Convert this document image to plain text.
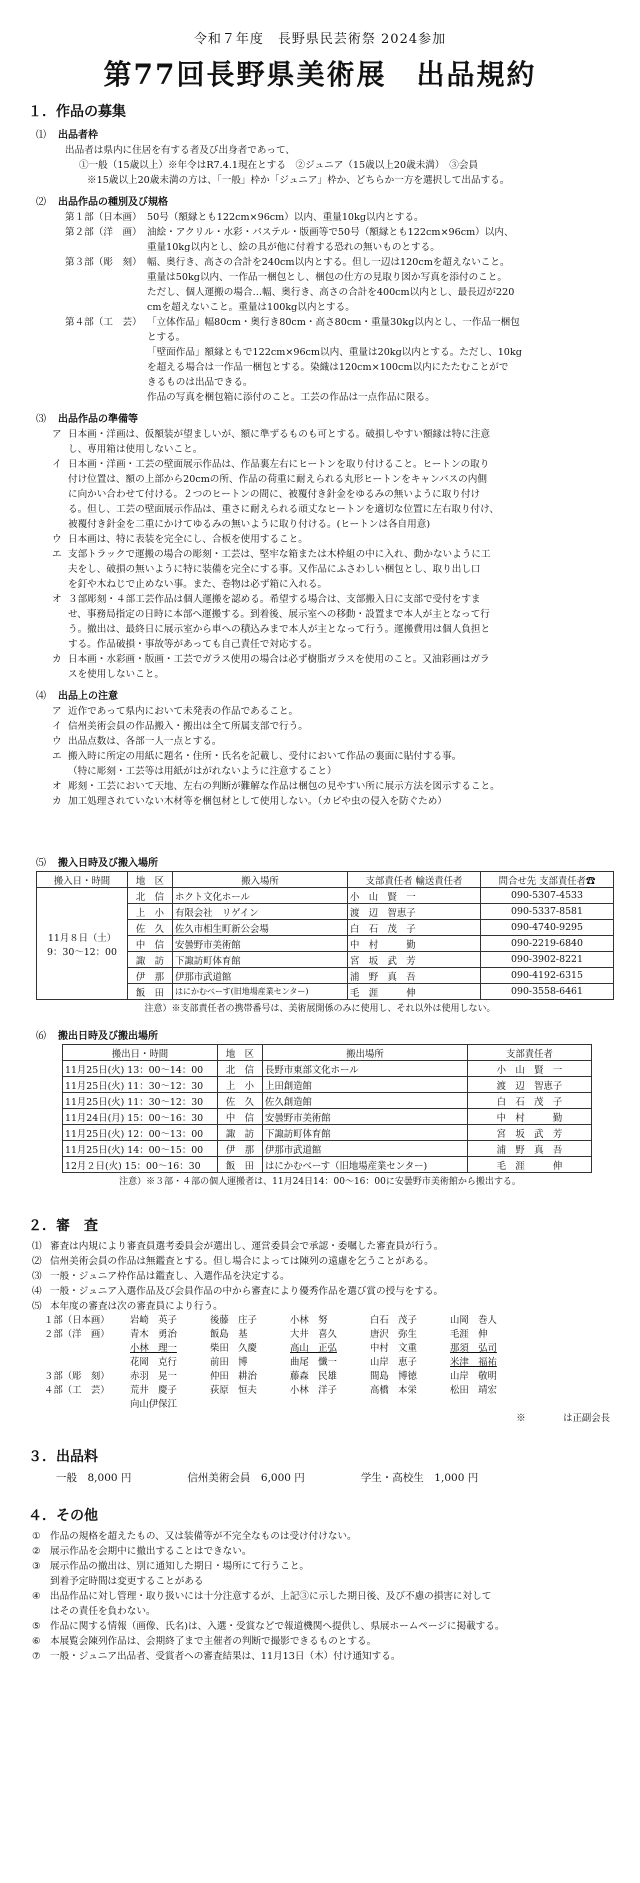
令和７年度　長野県民芸術祭 2024参加
第77回長野県美術展　出品規約
１．作品の募集
⑴ 出品者枠
出品者は県内に住居を有する者及び出身者であって、
①一般（15歳以上）※年令はR7.4.1現在とする　②ジュニア（15歳以上20歳未満）　③会員
※15歳以上20歳未満の方は、「一般」枠か「ジュニア」枠か、どちらか一方を選択して出品する。
⑵ 出品作品の種別及び規格
第１部（日本画） 50号（額縁とも122cm×96cm）以内、重量10kg以内とする。
第２部（洋　画） 油絵・アクリル・水彩・パステル・版画等で50号（額縁とも122cm×96cm）以内、
重量10kg以内とし、絵の具が他に付着する恐れの無いものとする。
第３部（彫　刻） 幅、奥行き、高さの合計を240cm以内とする。但し一辺は120cmを超えないこと。
重量は50kg以内、一作品一梱包とし、梱包の仕方の見取り図か写真を添付のこと。
ただし、個人運搬の場合…幅、奥行き、高さの合計を400cm以内とし、最長辺が220
cmを超えないこと。重量は100kg以内とする。
第４部（工　芸） 「立体作品」幅80cm・奥行き80cm・高さ80cm・重量30kg以内とし、一作品一梱包
とする。
「壁面作品」額縁ともで122cm×96cm以内、重量は20kg以内とする。ただし、10kg
を超える場合は一作品一梱包とする。染織は120cm×100cm以内にたたむことがで
きるものは出品できる。
作品の写真を梱包箱に添付のこと。工芸の作品は一点作品に限る。
⑶ 出品作品の準備等
ア 日本画・洋画は、仮額装が望ましいが、額に準ずるものも可とする。破損しやすい額縁は特に注意
し、専用箱は使用しないこと。
イ 日本画・洋画・工芸の壁面展示作品は、作品裏左右にヒートンを取り付けること。ヒートンの取り
付け位置は、額の上部から20cmの所、作品の荷重に耐えられる丸形ヒートンをキャンバスの内側
に向かい合わせて付ける。２つのヒートンの間に、被覆付き針金をゆるみの無いように取り付け
る。但し、工芸の壁面展示作品は、重さに耐えられる頑丈なヒートンを適切な位置に左右取り付け、
被覆付き針金を二重にかけてゆるみの無いように取り付ける。(ヒートンは各自用意)
ウ 日本画は、特に表装を完全にし、合板を使用すること。
エ 支部トラックで運搬の場合の彫刻・工芸は、堅牢な箱または木枠組の中に入れ、動かないように工
夫をし、破損の無いように特に装備を完全にする事。又作品にふさわしい梱包とし、取り出し口
を釘や木ねじで止めない事。また、巻物は必ず箱に入れる。
オ ３部彫刻・４部工芸作品は個人運搬を認める。希望する場合は、支部搬入日に支部で受付をすま
せ、事務局指定の日時に本部へ運搬する。到着後、展示室への移動・設置まで本人が主となって行
う。撤出は、最終日に展示室から車への積込みまで本人が主となって行う。運搬費用は個人負担と
する。作品破損・事故等があっても自己責任で対応する。
カ 日本画・水彩画・版画・工芸でガラス使用の場合は必ず樹脂ガラスを使用のこと。又油彩画はガラ
スを使用しないこと。
⑷ 出品上の注意
ア 近作であって県内において未発表の作品であること。
イ 信州美術会員の作品搬入・搬出は全て所属支部で行う。
ウ 出品点数は、各部一人一点とする。
エ 搬入時に所定の用紙に題名・住所・氏名を記載し、受付において作品の裏面に貼付する事。
（特に彫刻・工芸等は用紙がはがれないように注意すること）
オ 彫刻・工芸において天地、左右の判断が難解な作品は梱包の見やすい所に展示方法を図示すること。
カ 加工処理されていない木材等を梱包材として使用しない。（カビや虫の侵入を防ぐため）
⑸ 搬入日時及び搬入場所
搬入日・時間	地　区	搬入場所	支部責任者 輸送責任者	問合せ先 支部責任者☎

11月８日（土）
9：30～12：00	北　信	ホクト文化ホール	小　山　賢　一	090-5307-4533
	上　小	有限会社　リゲイン	渡　辺　智恵子	090-5337-8581
	佐　久	佐久市相生町新公会場	白　石　茂　子	090-4740-9295
	中　信	安曇野市美術館	中　村　　　勤	090-2219-6840
	諏　訪	下諏訪町体育館	宮　坂　武　芳	090-3902-8221
	伊　那	伊那市武道館	浦　野　真　吾	090-4192-6315
	飯　田	はにかむべーす(旧地場産業センター)	毛　涯　　　伸	090-3558-6461
注意）※支部責任者の携帯番号は、美術展開係のみに使用し、それ以外は使用しない。
⑹ 搬出日時及び搬出場所
搬出日・時間	地　区	搬出場所	支部責任者
11月25日(火) 13：00～14：00	北　信	長野市東部文化ホール	小　山　賢　一
11月25日(火) 11：30～12：30	上　小	上田創造館	渡　辺　智恵子
11月25日(火) 11：30～12：30	佐　久	佐久創造館	白　石　茂　子
11月24日(月) 15：00～16：30	中　信	安曇野市美術館	中　村　　　勤
11月25日(火) 12：00～13：00	諏　訪	下諏訪町体育館	宮　坂　武　芳
11月25日(火) 14：00～15：00	伊　那	伊那市武道館	浦　野　真　吾
12月２日(火) 15：00～16：30	飯　田	はにかむべーす（旧地場産業センター)	毛　涯　　　伸
注意）※３部・４部の個人運搬者は、11月24日14：00～16：00に安曇野市美術館から搬出する。
２．審　査
⑴ 審査は内規により審査員選考委員会が選出し、運営委員会で承認・委嘱した審査員が行う。
⑵ 信州美術会員の作品は無鑑査とする。但し場合によっては陳列の遠慮を乞うことがある。
⑶ 一般・ジュニア枠作品は鑑査し、入選作品を決定する。
⑷ 一般・ジュニア入選作品及び会員作品の中から審査により優秀作品を選び賞の授与をする。
⑸ 本年度の審査は次の審査員により行う。
１部（日本画）	岩崎　英子	後藤　庄子	小林　努	白石　茂子	山岡　巻人
２部（洋　画）	青木　勇治	飯島　基	大井　喜久	唐沢　弥生	毛涯　伸
	小林　理一	柴田　久慶	高山　正弘	中村　文重	那須　弘司
	花岡　克行	前田　博	曲尾　懺一	山岸　恵子	米津　福祐
３部（彫　刻）	赤羽　晃一	仲田　耕治	藤森　民雄	間島　博徳	山岸　敬明
４部（工　芸）	荒井　慶子	荻原　恒夫	小林　洋子	高橋　本栄	松田　靖宏
	向山伊保江				
※　　　　は正副会長
３．出品料
一般　8,000 円	信州美術会員　6,000 円	学生・高校生　1,000 円
４．その他
① 作品の規格を超えたもの、又は装備等が不完全なものは受け付けない。
② 展示作品を会期中に撤出することはできない。
③ 展示作品の撤出は、別に通知した期日・場所にて行うこと。
到着予定時間は変更することがある
④ 出品作品に対し管理・取り扱いには十分注意するが、上記③に示した期日後、及び不慮の損害に対して
はその責任を負わない。
⑤ 作品に関する情報（画像、氏名)は、入選・受賞などで報道機関へ提供し、県展ホームページに掲載する。
⑥ 本展覧会陳列作品は、会期終了まで主催者の判断で撮影できるものとする。
⑦ 一般・ジュニア出品者、受賞者への審査結果は、11月13日（木）付け通知する。
